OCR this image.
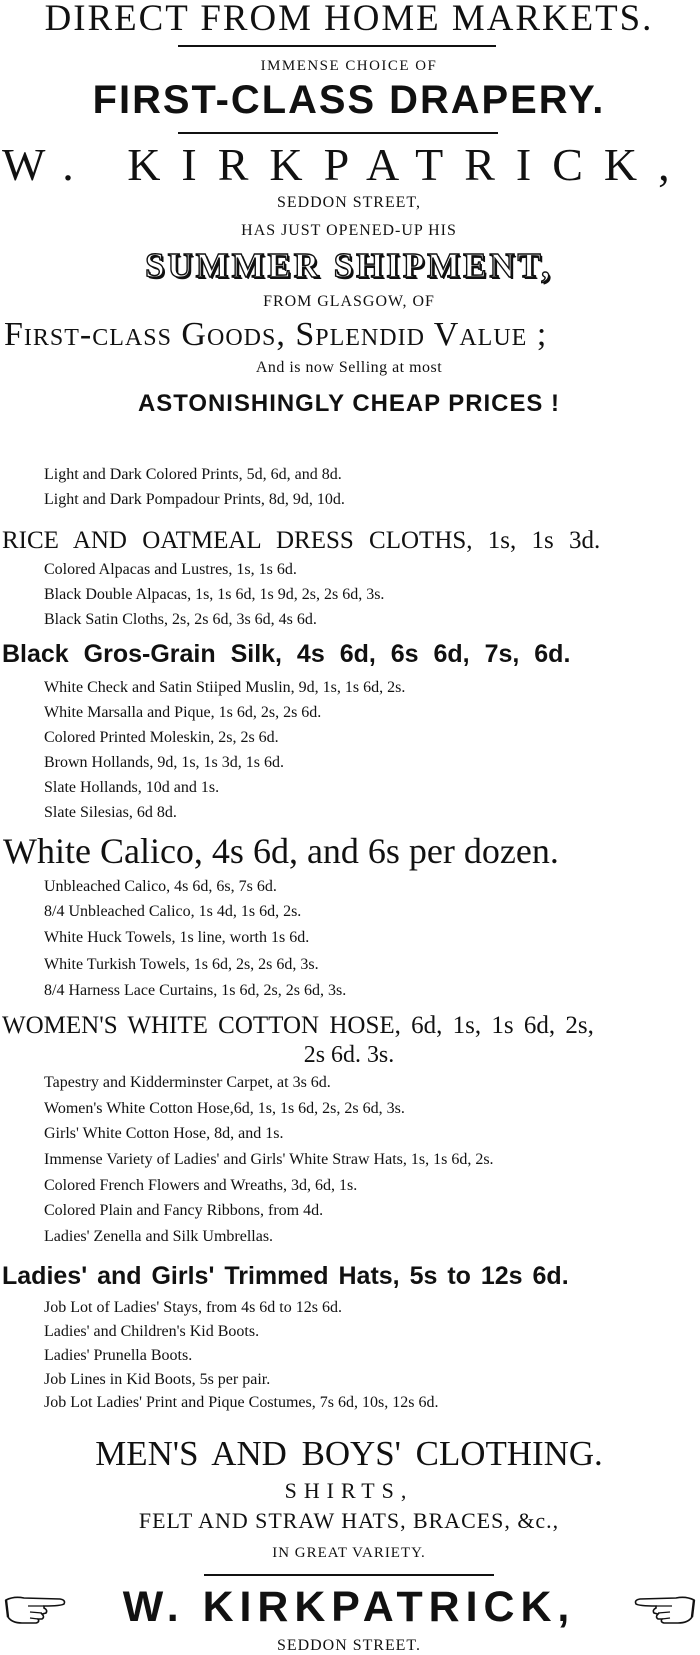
DIRECT FROM HOME MARKETS.
IMMENSE CHOICE OF
FIRST-CLASS DRAPERY.
W. KIRKPATRICK,
SEDDON STREET,
HAS JUST OPENED-UP HIS
SUMMER SHIPMENT,
FROM GLASGOW, OF
First-class Goods, Splendid Value ;
And is now Selling at most
ASTONISHINGLY CHEAP PRICES !
Light and Dark Colored Prints, 5d, 6d, and 8d.
Light and Dark Pompadour Prints, 8d, 9d, 10d.
RICE AND OATMEAL DRESS CLOTHS, 1s, 1s 3d.
Colored Alpacas and Lustres, 1s, 1s 6d.
Black Double Alpacas, 1s, 1s 6d, 1s 9d, 2s, 2s 6d, 3s.
Black Satin Cloths, 2s, 2s 6d, 3s 6d, 4s 6d.
Black Gros-Grain Silk, 4s 6d, 6s 6d, 7s, 6d.
White Check and Satin Stiiped Muslin, 9d, 1s, 1s 6d, 2s.
White Marsalla and Pique, 1s 6d, 2s, 2s 6d.
Colored Printed Moleskin, 2s, 2s 6d.
Brown Hollands, 9d, 1s, 1s 3d, 1s 6d.
Slate Hollands, 10d and 1s.
Slate Silesias, 6d 8d.
White Calico, 4s 6d, and 6s per dozen.
Unbleached Calico, 4s 6d, 6s, 7s 6d.
8/4 Unbleached Calico, 1s 4d, 1s 6d, 2s.
White Huck Towels, 1s line, worth 1s 6d.
White Turkish Towels, 1s 6d, 2s, 2s 6d, 3s.
8/4 Harness Lace Curtains, 1s 6d, 2s, 2s 6d, 3s.
WOMEN'S WHITE COTTON HOSE, 6d, 1s, 1s 6d, 2s,
2s 6d. 3s.
Tapestry and Kidderminster Carpet, at 3s 6d.
Women's White Cotton Hose,6d, 1s, 1s 6d, 2s, 2s 6d, 3s.
Girls' White Cotton Hose, 8d, and 1s.
Immense Variety of Ladies' and Girls' White Straw Hats, 1s, 1s 6d, 2s.
Colored French Flowers and Wreaths, 3d, 6d, 1s.
Colored Plain and Fancy Ribbons, from 4d.
Ladies' Zenella and Silk Umbrellas.
Ladies' and Girls' Trimmed Hats, 5s to 12s 6d.
Job Lot of Ladies' Stays, from 4s 6d to 12s 6d.
Ladies' and Children's Kid Boots.
Ladies' Prunella Boots.
Job Lines in Kid Boots, 5s per pair.
Job Lot Ladies' Print and Pique Costumes, 7s 6d, 10s, 12s 6d.
MEN'S AND BOYS' CLOTHING.
SHIRTS,
FELT AND STRAW HATS, BRACES, &c.,
IN GREAT VARIETY.
W. KIRKPATRICK,
SEDDON STREET.
